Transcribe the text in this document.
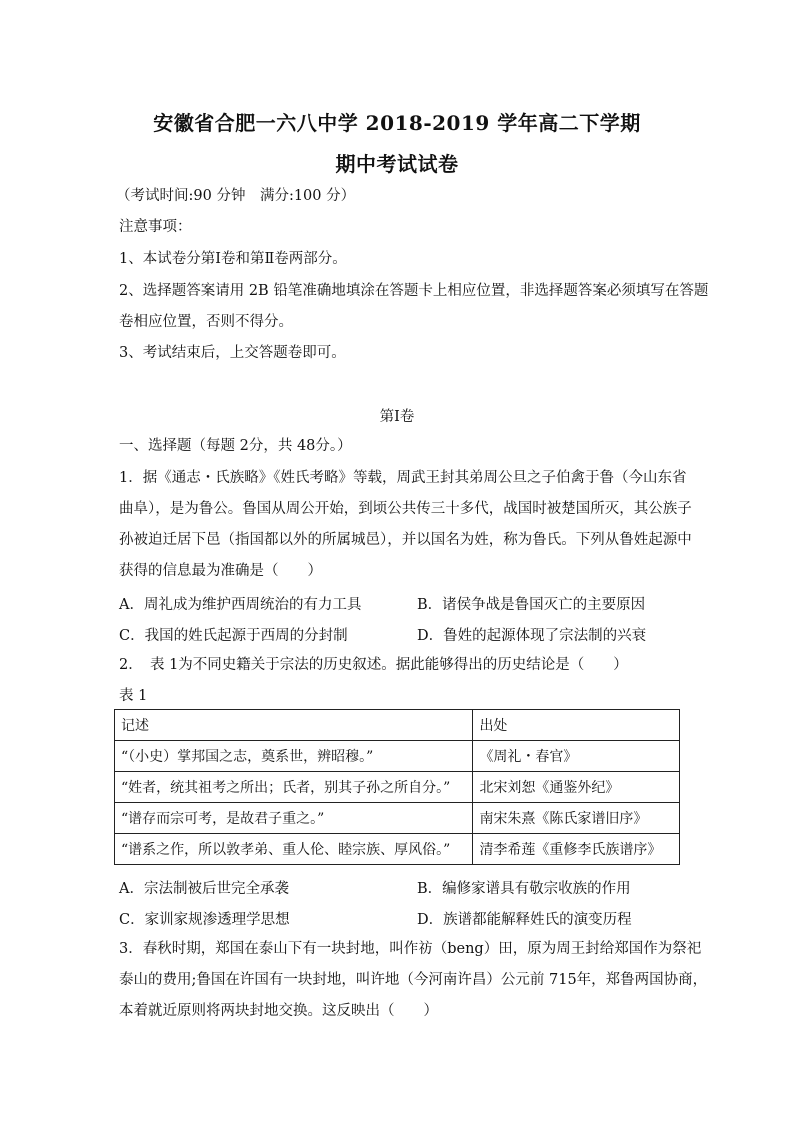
安徽省合肥一六八中学 2018-2019 学年高二下学期
期中考试试卷
（考试时间:90 分钟　满分:100 分）
注意事项：
1、本试卷分第Ⅰ卷和第Ⅱ卷两部分。
2、选择题答案请用 2B 铅笔准确地填涂在答题卡上相应位置，非选择题答案必须填写在答题
卷相应位置，否则不得分。
3、考试结束后，上交答题卷即可。
第Ⅰ卷
一、选择题（每题 2分，共 48分。）
1．据《通志・氏族略》《姓氏考略》等载，周武王封其弟周公旦之子伯禽于鲁（今山东省
曲阜），是为鲁公。鲁国从周公开始，到顷公共传三十多代，战国时被楚国所灭，其公族子
孙被迫迁居下邑（指国都以外的所属城邑），并以国名为姓，称为鲁氏。下列从鲁姓起源中
获得的信息最为准确是（　　）
A．周礼成为维护西周统治的有力工具	B．诸侯争战是鲁国灭亡的主要原因
C．我国的姓氏起源于西周的分封制	D．鲁姓的起源体现了宗法制的兴衰
2．　表 1为不同史籍关于宗法的历史叙述。据此能够得出的历史结论是（　　）
表 1
记述	出处
“（小史）掌邦国之志，奠系世，辨昭穆。”	《周礼・春官》
“姓者，统其祖考之所出；氏者，别其子孙之所自分。”	北宋刘恕《通鉴外纪》
“谱存而宗可考，是故君子重之。”	南宋朱熹《陈氏家谱旧序》
“谱系之作，所以敦孝弟、重人伦、睦宗族、厚风俗。”	清李希莲《重修李氏族谱序》
A．宗法制被后世完全承袭	B．编修家谱具有敬宗收族的作用
C．家训家规渗透理学思想	D．族谱都能解释姓氏的演变历程
3．春秋时期，郑国在泰山下有一块封地，叫作祊（beng）田，原为周王封给郑国作为祭祀
泰山的费用;鲁国在许国有一块封地，叫许地（今河南许昌）公元前 715年，郑鲁两国协商，
本着就近原则将两块封地交换。这反映出（　　）
